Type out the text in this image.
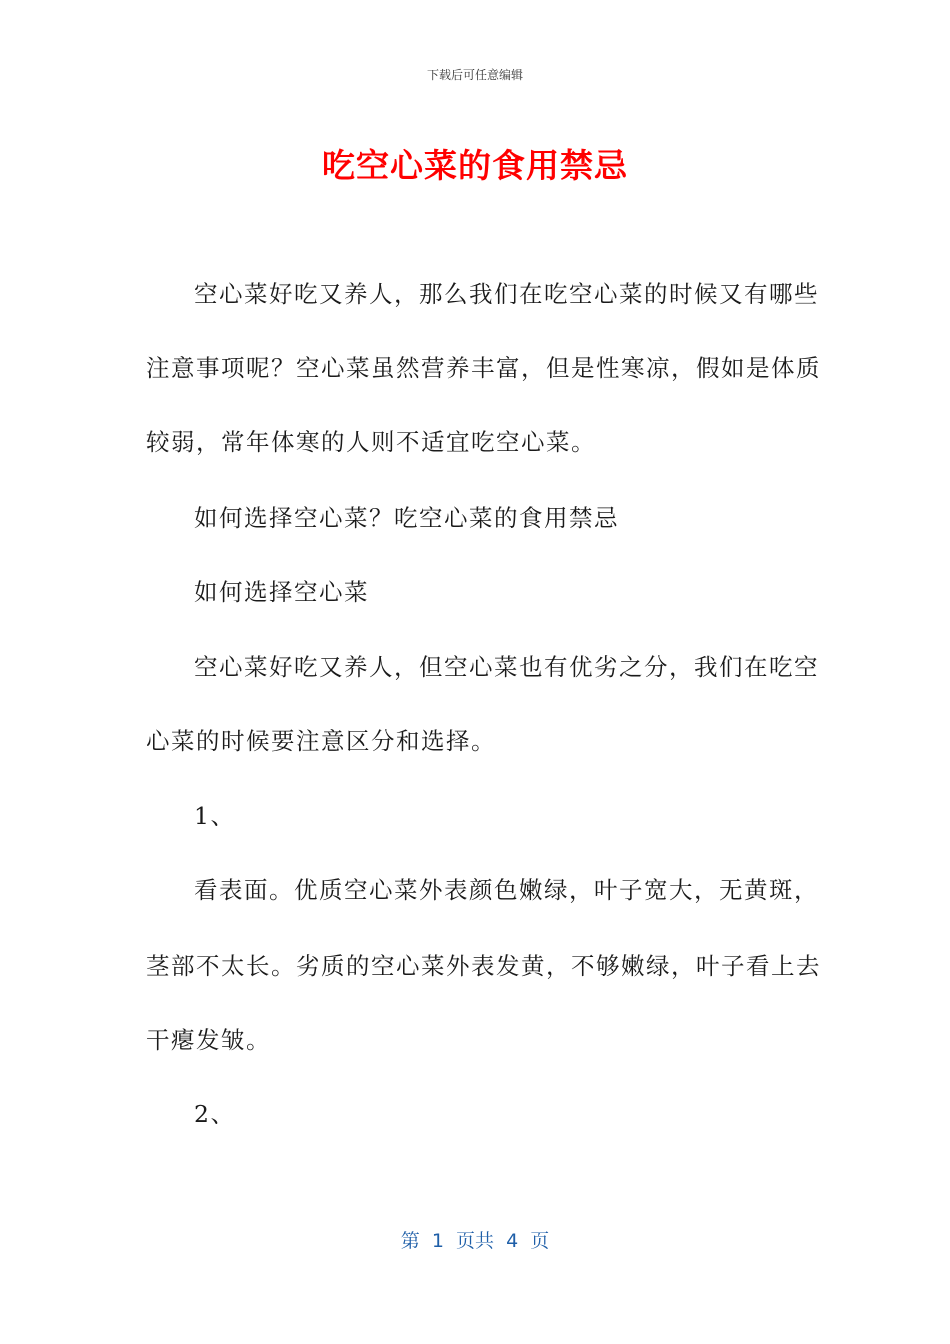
下载后可任意编辑
吃空心菜的食用禁忌
空心菜好吃又养人，那么我们在吃空心菜的时候又有哪些
注意事项呢？空心菜虽然营养丰富，但是性寒凉，假如是体质
较弱，常年体寒的人则不适宜吃空心菜。
如何选择空心菜？吃空心菜的食用禁忌
如何选择空心菜
空心菜好吃又养人，但空心菜也有优劣之分，我们在吃空
心菜的时候要注意区分和选择。
1、
看表面。优质空心菜外表颜色嫩绿，叶子宽大，无黄斑，
茎部不太长。劣质的空心菜外表发黄，不够嫩绿，叶子看上去
干瘪发皱。
2、
第  1  页共  4  页
